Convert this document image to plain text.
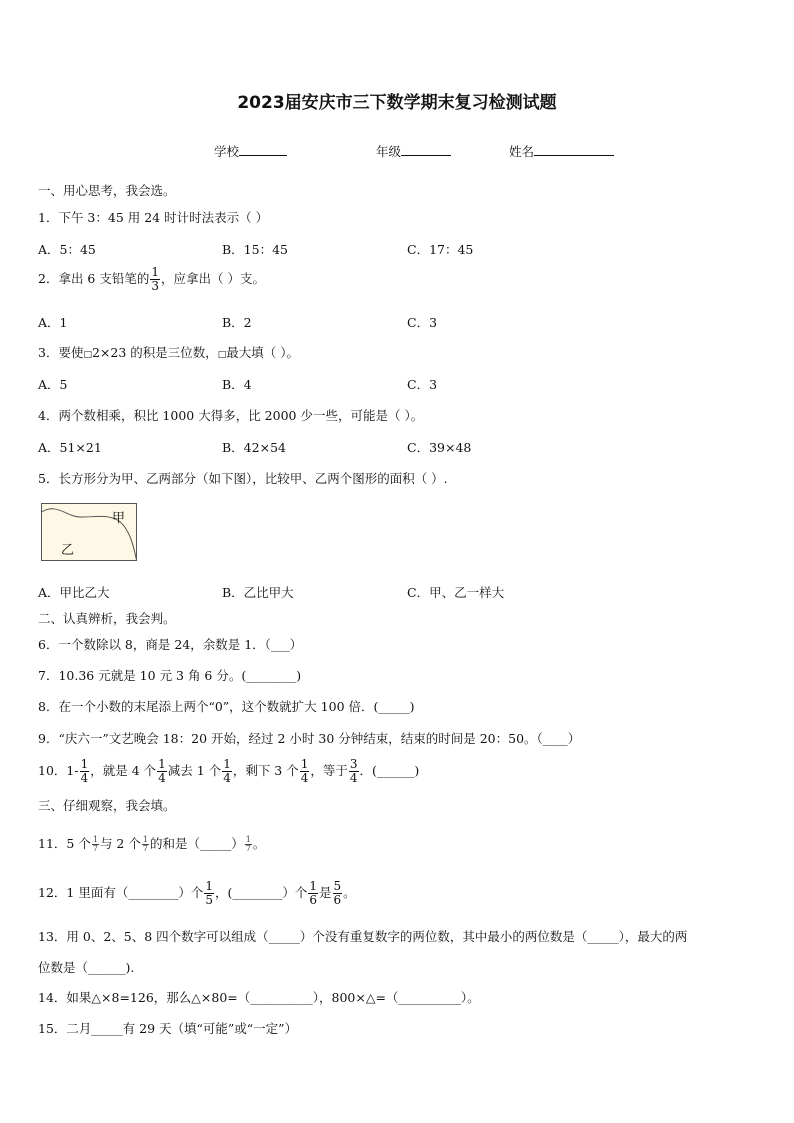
2023届安庆市三下数学期末复习检测试题
学校	年级	姓名
一、用心思考，我会选。
1．下午 3：45 用 24 时计时法表示（ ）
A．5：45	B．15：45	C．17：45
2．拿出 6 支铅笔的 $\frac{1}{3}$ ，应拿出（ ）支。
A．1	B．2	C．3
3．要使□2×23 的积是三位数，□最大填（ ）。
A．5	B．4	C．3
4．两个数相乘，积比 1000 大得多，比 2000 少一些，可能是（ ）。
A．51×21	B．42×54	C．39×48
5．长方形分为甲、乙两部分（如下图），比较甲、乙两个图形的面积（ ）.
甲
乙
A．甲比乙大	B．乙比甲大	C．甲、乙一样大
二、认真辨析，我会判。
6．一个数除以 8，商是 24，余数是 1．（___）
7．10.36 元就是 10 元 3 角 6 分。(________)
8．在一个小数的末尾添上两个“0”，这个数就扩大 100 倍．(_____)
9．“庆六一”文艺晚会 18：20 开始，经过 2 小时 30 分钟结束，结束的时间是 20：50。（____）
10．$1- \frac{1}{4}$ ，就是 4 个 $\frac{1}{4}$ 减去 1 个 $\frac{1}{4}$ ，剩下 3 个 $\frac{1}{4}$ ，等于 $\frac{3}{4}$ ．(______)
三、仔细观察，我会填。
11．5 个 $\frac{1}{7}$ 与 2 个 $\frac{1}{7}$ 的和是（_____） $\frac{1}{7}$ 。
12．1 里面有（________）个 $\frac{1}{5}$ ，(________）个 $\frac{1}{6}$ 是 $\frac{5}{6}$ 。
13．用 0、2、5、8 四个数字可以组成（_____）个没有重复数字的两位数，其中最小的两位数是（_____），最大的两
位数是（______).
14．如果△×8=126，那么△×80=（__________），800×△=（__________）。
15．二月_____有 29 天（填“可能”或“一定”）
